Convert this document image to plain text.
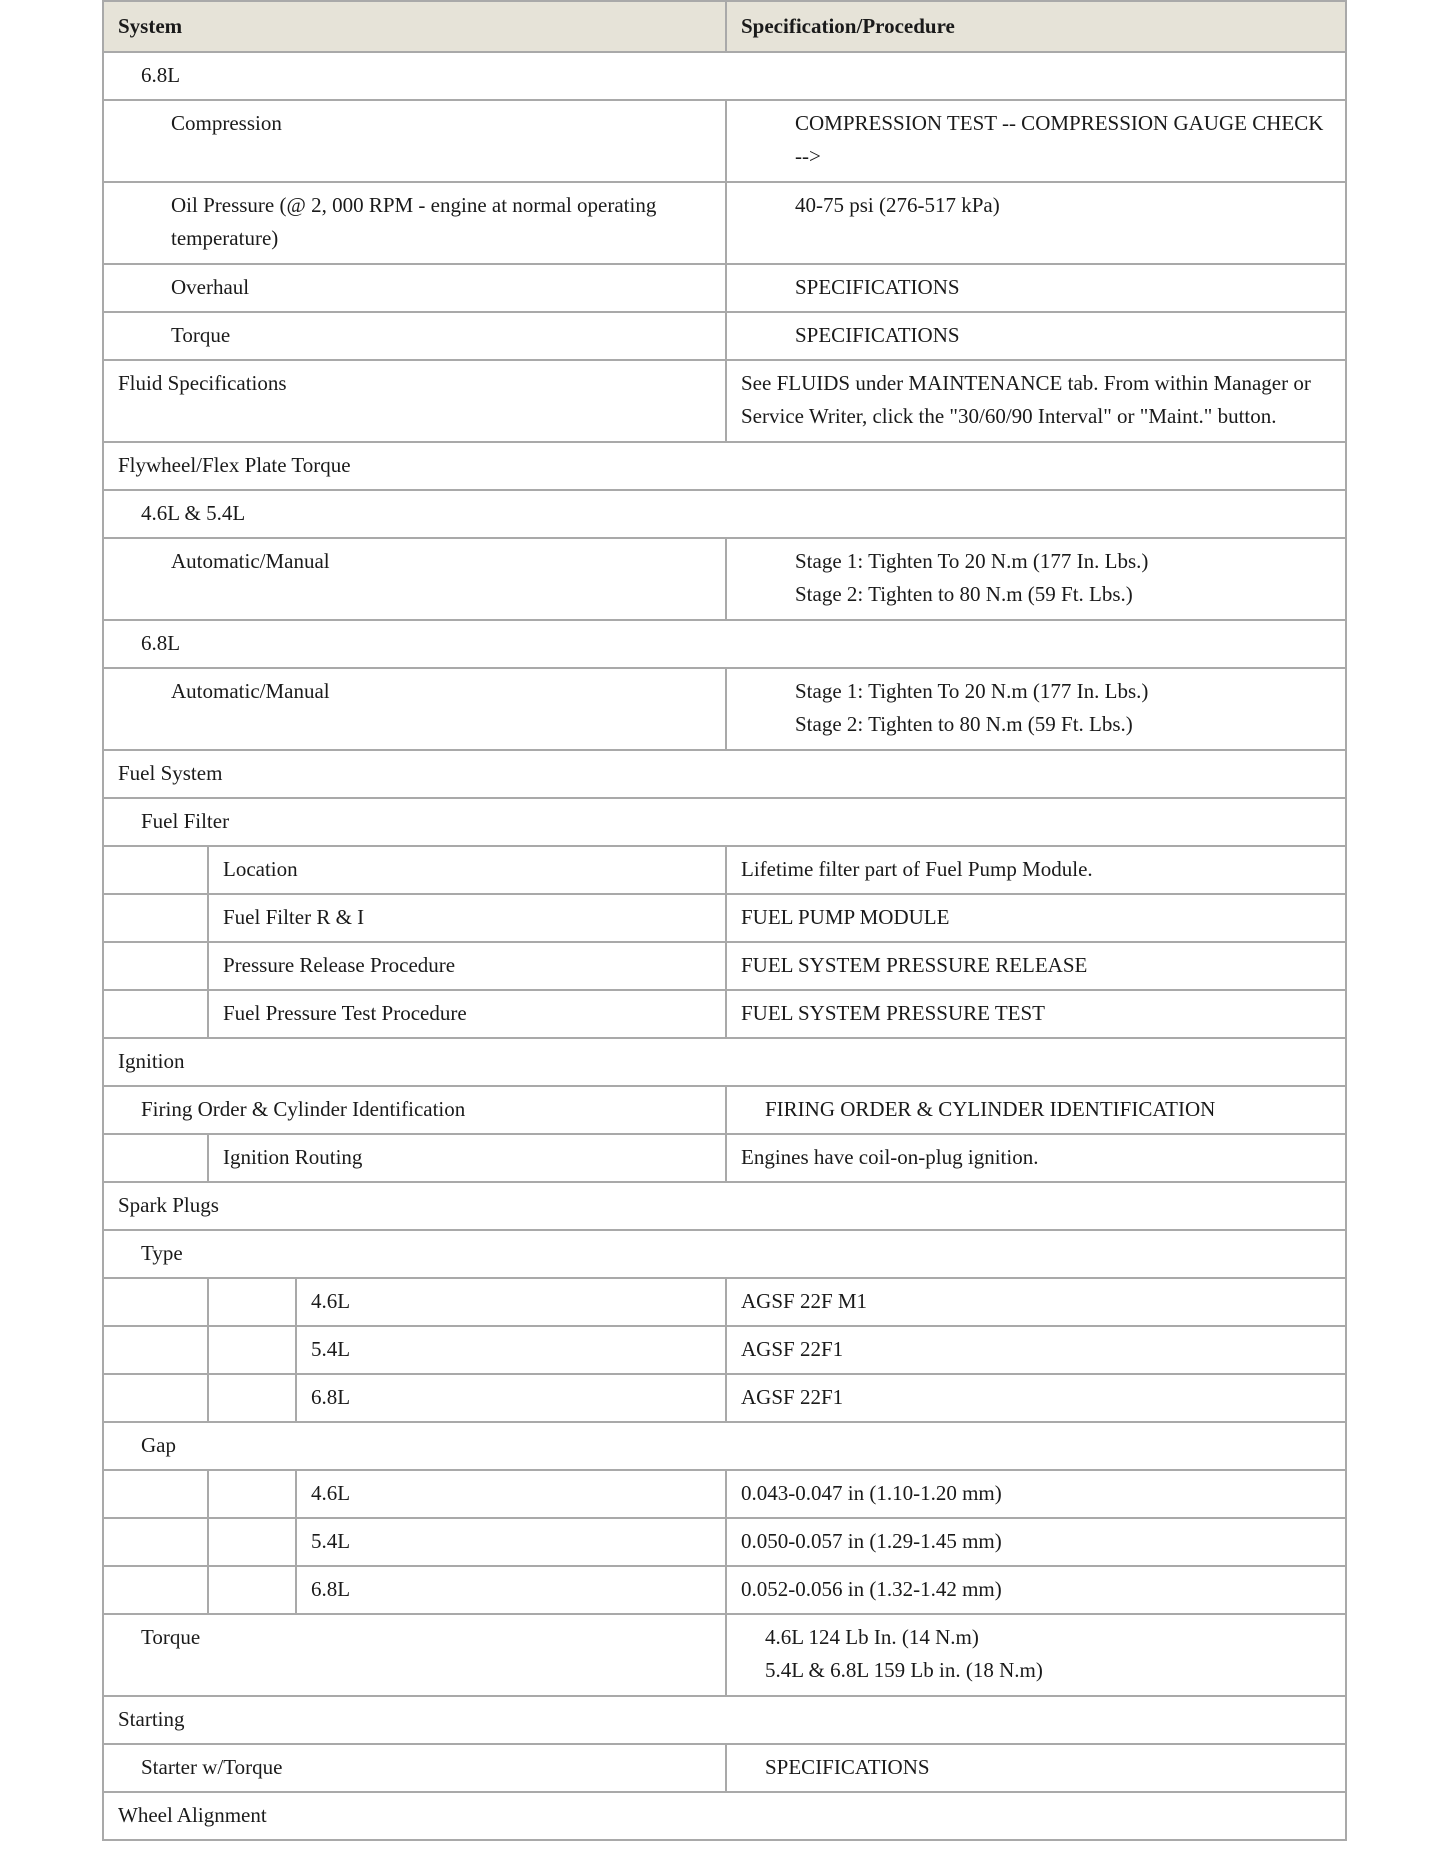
System			Specification/Procedure
6.8L			
Compression			COMPRESSION TEST -- COMPRESSION GAUGE CHECK -->
Oil Pressure (@ 2, 000 RPM - engine at normal operating temperature)			40-75 psi (276-517 kPa)
Overhaul			SPECIFICATIONS
Torque			SPECIFICATIONS
Fluid Specifications			See FLUIDS under MAINTENANCE tab. From within Manager or Service Writer, click the "30/60/90 Interval" or "Maint." button.
Flywheel/Flex Plate Torque			
4.6L & 5.4L			
Automatic/Manual			Stage 1: Tighten To 20 N.m (177 In. Lbs.)
Stage 2: Tighten to 80 N.m (59 Ft. Lbs.)

6.8L			
Automatic/Manual			Stage 1: Tighten To 20 N.m (177 In. Lbs.)
Stage 2: Tighten to 80 N.m (59 Ft. Lbs.)

Fuel System			
Fuel Filter			
	Location		Lifetime filter part of Fuel Pump Module.
	Fuel Filter R & I		FUEL PUMP MODULE
	Pressure Release Procedure		FUEL SYSTEM PRESSURE RELEASE
	Fuel Pressure Test Procedure		FUEL SYSTEM PRESSURE TEST
Ignition			
Firing Order & Cylinder Identification			FIRING ORDER & CYLINDER IDENTIFICATION
	Ignition Routing		Engines have coil-on-plug ignition.
Spark Plugs			
Type			
		4.6L	AGSF 22F M1
		5.4L	AGSF 22F1
		6.8L	AGSF 22F1
Gap			
		4.6L	0.043-0.047 in (1.10-1.20 mm)
		5.4L	0.050-0.057 in (1.29-1.45 mm)
		6.8L	0.052-0.056 in (1.32-1.42 mm)
Torque			4.6L 124 Lb In. (14 N.m)
5.4L & 6.8L 159 Lb in. (18 N.m)

Starting			
Starter w/Torque			SPECIFICATIONS
Wheel Alignment			
